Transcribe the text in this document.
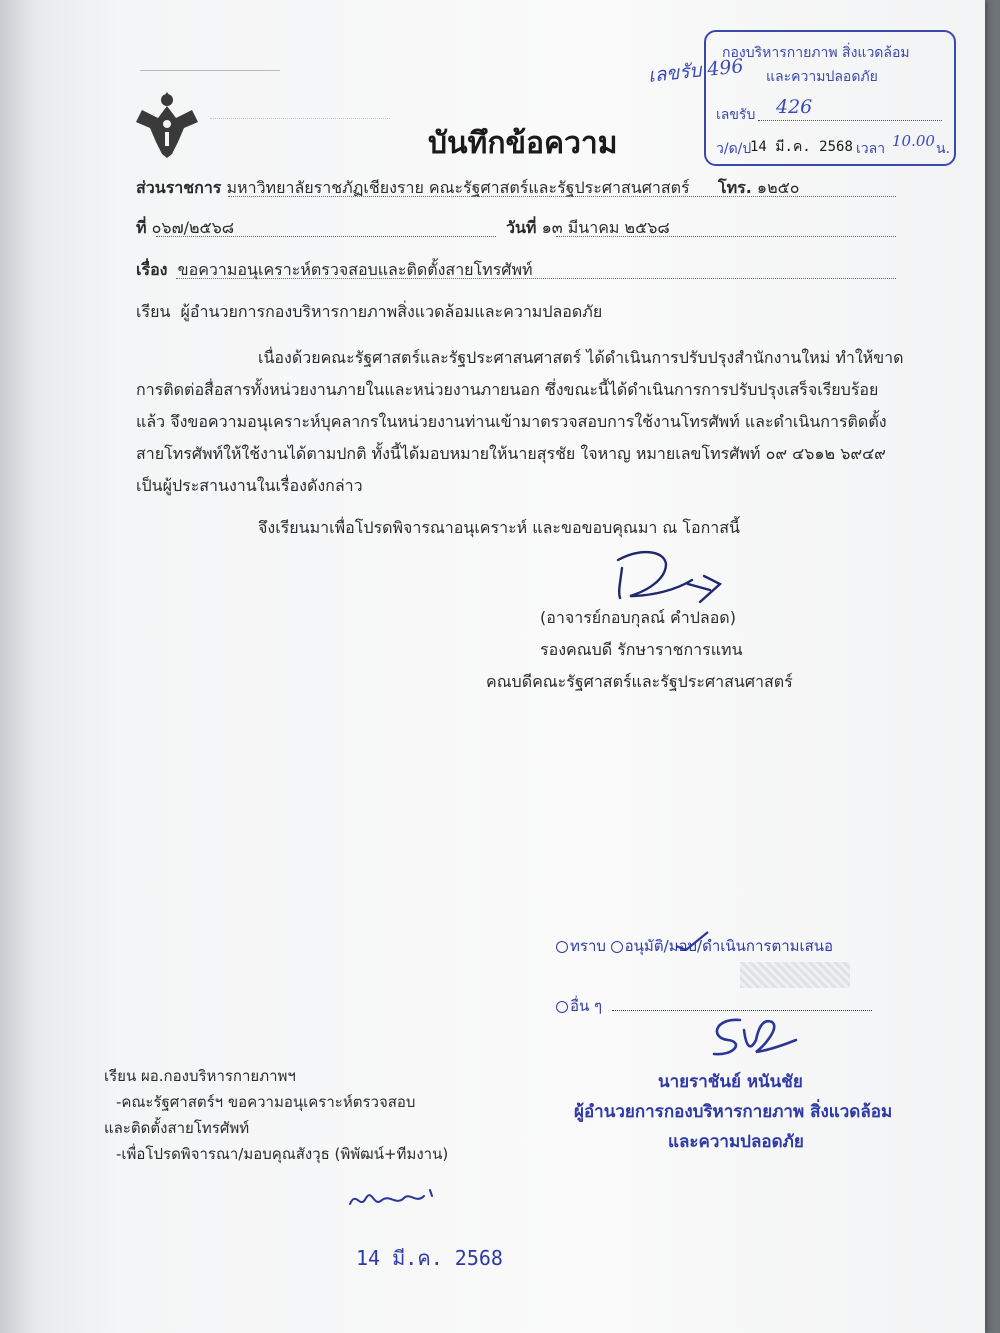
บันทึกข้อความ
กองบริหารกายภาพ สิ่งแวดล้อม
และความปลอดภัย
เลขรับ 426
ว/ด/ป
14 มี.ค. 2568 เวลา 10.00 น.
เลขรับ 496
ส่วนราชการ มหาวิทยาลัยราชภัฏเชียงราย คณะรัฐศาสตร์และรัฐประศาสนศาสตร์ โทร. ๑๒๕๐
ที่ ๐๖๗/๒๕๖๘	วันที่ ๑๓ มีนาคม ๒๕๖๘
เรื่อง ขอความอนุเคราะห์ตรวจสอบและติดตั้งสายโทรศัพท์
เรียน ผู้อำนวยการกองบริหารกายภาพสิ่งแวดล้อมและความปลอดภัย
เนื่องด้วยคณะรัฐศาสตร์และรัฐประศาสนศาสตร์ ได้ดำเนินการปรับปรุงสำนักงานใหม่ ทำให้ขาด
การติดต่อสื่อสารทั้งหน่วยงานภายในและหน่วยงานภายนอก ซึ่งขณะนี้ได้ดำเนินการการปรับปรุงเสร็จเรียบร้อย
แล้ว จึงขอความอนุเคราะห์บุคลากรในหน่วยงานท่านเข้ามาตรวจสอบการใช้งานโทรศัพท์ และดำเนินการติดตั้ง
สายโทรศัพท์ให้ใช้งานได้ตามปกติ ทั้งนี้ได้มอบหมายให้นายสุรชัย ใจหาญ หมายเลขโทรศัพท์ ๐๙ ๔๖๑๒ ๖๙๔๙
เป็นผู้ประสานงานในเรื่องดังกล่าว
จึงเรียนมาเพื่อโปรดพิจารณาอนุเคราะห์ และขอขอบคุณมา ณ โอกาสนี้
(อาจารย์กอบกุลณ์ คำปลอด)
รองคณบดี รักษาราชการแทน
คณบดีคณะรัฐศาสตร์และรัฐประศาสนศาสตร์
ทราบ อนุมัติ/มอบ/ดำเนินการตามเสนอ
อื่น ๆ
นายราชันย์ หนันชัย
ผู้อำนวยการกองบริหารกายภาพ สิ่งแวดล้อม
และความปลอดภัย
เรียน ผอ.กองบริหารกายภาพฯ
-คณะรัฐศาสตร์ฯ ขอความอนุเคราะห์ตรวจสอบ
และติดตั้งสายโทรศัพท์
-เพื่อโปรดพิจารณา/มอบคุณสังวุธ (พิพัฒน์+ทีมงาน)
14 มี.ค. 2568
